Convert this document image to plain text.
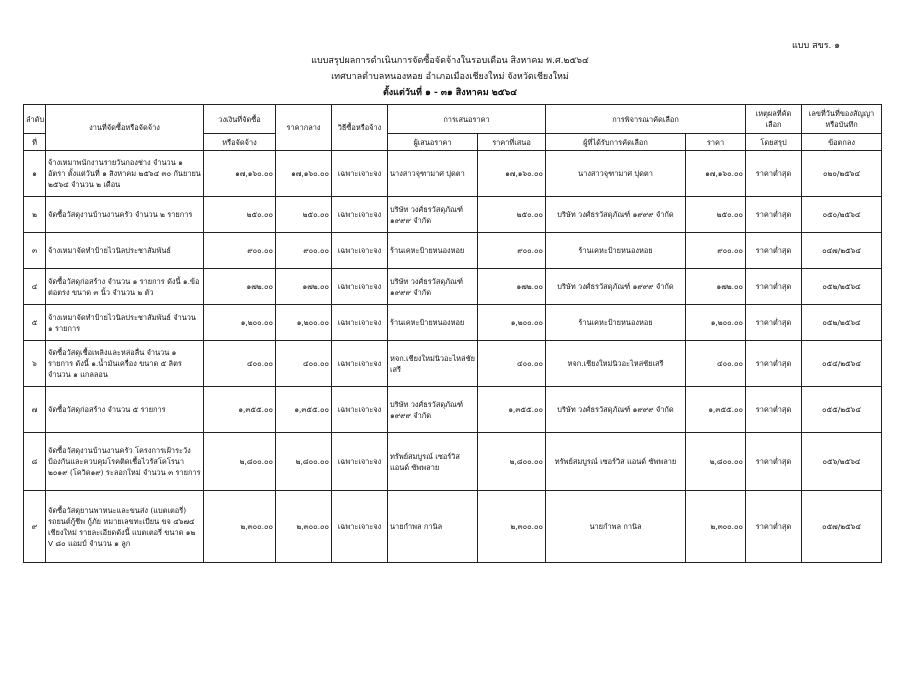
แบบ สขร. ๑
แบบสรุปผลการดำเนินการจัดซื้อจัดจ้างในรอบเดือน สิงหาคม พ.ศ.๒๕๖๔
เทศบาลตำบลหนองหอย อำเภอเมืองเชียงใหม่ จังหวัดเชียงใหม่
ตั้งแต่วันที่ ๑ - ๓๑ สิงหาคม ๒๕๖๔
ลำดับ	งานที่จัดซื้อหรือจัดจ้าง	วงเงินที่จัดซื้อ	ราคากลาง	วิธีซื้อหรือจ้าง	การเสนอราคา		การพิจารณาคัดเลือก		เหตุผลที่คัดเลือก	เลขที่วันที่ของสัญญาหรือบันทึก
ที่		หรือจัดจ้าง			ผู้เสนอราคา	ราคาที่เสนอ	ผู้ที่ได้รับการคัดเลือก	ราคา	โดยสรุป	ข้อตกลง
๑	จ้างเหมาพนักงานรายวันกองช่าง จำนวน ๑ อัตรา ตั้งแต่วันที่ ๑ สิงหาคม ๒๕๖๔ ๓๐ กันยายน ๒๕๖๔ จำนวน ๒ เดือน	๑๗,๑๖๐.๐๐	๑๗,๑๖๐.๐๐	เฉพาะเจาะจง	นางสาวจุฑามาศ ปุดตา	๑๗,๑๖๐.๐๐	นางสาวจุฑามาศ ปุดตา	๑๗,๑๖๐.๐๐	ราคาต่ำสุด	๐๒๐/๒๕๖๔
๒	จัดซื้อวัสดุงานบ้านงานครัว จำนวน ๒ รายการ	๒๕๐.๐๐	๒๕๐.๐๐	เฉพาะเจาะจง	บริษัท วงศ์ธรวัสดุภัณฑ์ ๑๙๙๙ จำกัด	๒๕๐.๐๐	บริษัท วงศ์ธรวัสดุภัณฑ์ ๑๙๙๙ จำกัด	๒๕๐.๐๐	ราคาต่ำสุด	๐๕๐/๒๕๖๔
๓	จ้างเหมาจัดทำป้ายไวนิลประชาสัมพันธ์	๙๐๐.๐๐	๙๐๐.๐๐	เฉพาะเจาะจง	ร้านเคหะป้ายหนองหอย	๙๐๐.๐๐	ร้านเคหะป้ายหนองหอย	๙๐๐.๐๐	ราคาต่ำสุด	๐๔๗/๒๕๖๔
๔	จัดซื้อวัสดุก่อสร้าง จำนวน ๑ รายการ ดังนี้ ๑.ข้อต่อตรง ขนาด ๓ นิ้ว จำนวน ๒ ตัว	๑๗๒.๐๐	๑๗๒.๐๐	เฉพาะเจาะจง	บริษัท วงศ์ธรวัสดุภัณฑ์ ๑๙๙๙ จำกัด	๑๗๒.๐๐	บริษัท วงศ์ธรวัสดุภัณฑ์ ๑๙๙๙ จำกัด	๑๗๒.๐๐	ราคาต่ำสุด	๐๕๒/๒๕๖๔
๕	จ้างเหมาจัดทำป้ายไวนิลประชาสัมพันธ์ จำนวน ๑ รายการ	๑,๒๐๐.๐๐	๑,๒๐๐.๐๐	เฉพาะเจาะจง	ร้านเคหะป้ายหนองหอย	๑,๒๐๐.๐๐	ร้านเคหะป้ายหนองหอย	๑,๒๐๐.๐๐	ราคาต่ำสุด	๐๕๒/๒๕๖๔
๖	จัดซื้อวัสดุเชื้อเพลิงและหล่อลื่น จำนวน ๑ รายการ ดังนี้ ๑.น้ำมันเครื่อง ขนาด ๕ ลิตร จำนวน ๑ แกลลอน	๔๐๐.๐๐	๔๐๐.๐๐	เฉพาะเจาะจง	หจก.เชียงใหม่นิวอะไหล่ชัยเสรี	๔๐๐.๐๐	หจก.เชียงใหม่นิวอะไหล่ชัยเสรี	๔๐๐.๐๐	ราคาต่ำสุด	๐๕๔/๒๕๖๔
๗	จัดซื้อวัสดุก่อสร้าง จำนวน ๕ รายการ	๑,๓๕๕.๐๐	๑,๓๕๕.๐๐	เฉพาะเจาะจง	บริษัท วงศ์ธรวัสดุภัณฑ์ ๑๙๙๙ จำกัด	๑,๓๕๕.๐๐	บริษัท วงศ์ธรวัสดุภัณฑ์ ๑๙๙๙ จำกัด	๑,๓๕๕.๐๐	ราคาต่ำสุด	๐๕๕/๒๕๖๔
๘	จัดซื้อวัสดุงานบ้านงานครัว โครงการเฝ้าระวังป้องกันและควบคุมโรคติดเชื้อไวรัสโคโรนา ๒๐๑๙ (โควิด๑๙) ระลอกใหม่ จำนวน ๓ รายการ	๒,๘๐๐.๐๐	๒,๘๐๐.๐๐	เฉพาะเจาะจง	ทรัพย์สมบูรณ์ เซอร์วิส แอนด์ ซัพพลาย	๒,๘๐๐.๐๐	ทรัพย์สมบูรณ์ เซอร์วิส แอนด์ ซัพพลาย	๒,๘๐๐.๐๐	ราคาต่ำสุด	๐๕๖/๒๕๖๔
๙	จัดซื้อวัสดุยานพาหนะและขนส่ง (แบตเตอรี่) รถยนต์กู้ชีพ กู้ภัย หมายเลขทะเบียน ขจ ๔๖๗๔ เชียงใหม่ รายละเอียดดังนี้ แบตเตอรี่ ขนาด ๑๒ V ๘๐ แอมป์ จำนวน ๑ ลูก	๒,๓๐๐.๐๐	๒,๓๐๐.๐๐	เฉพาะเจาะจง	นายกำพล กานิล	๒,๓๐๐.๐๐	นายกำพล กานิล	๒,๓๐๐.๐๐	ราคาต่ำสุด	๐๕๗/๒๕๖๔
